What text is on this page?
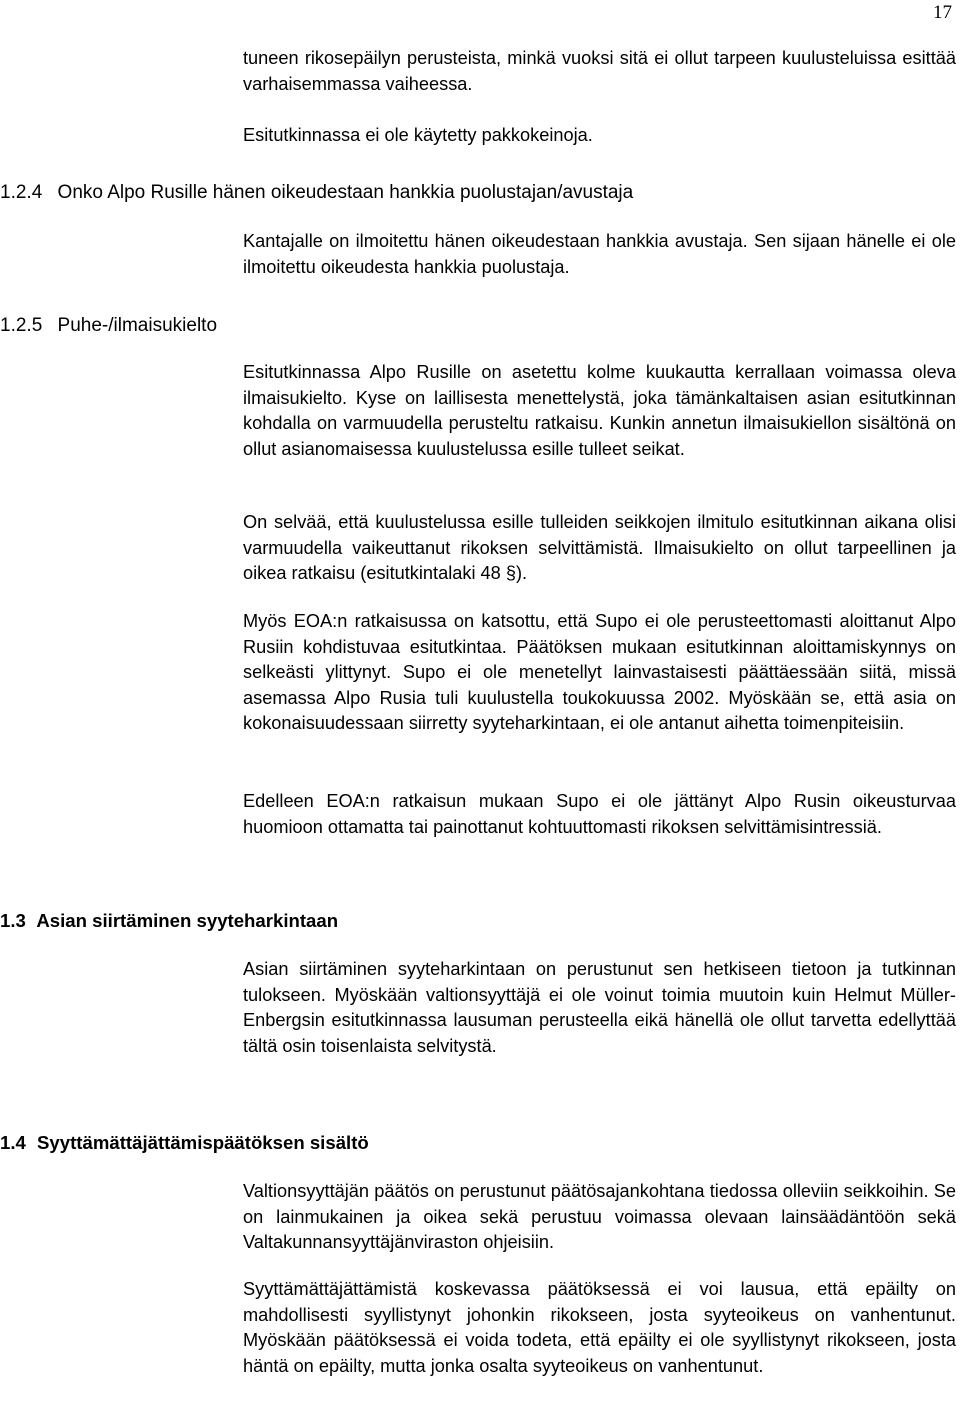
17

tuneen rikosepäilyn perusteista, minkä vuoksi sitä ei ollut tarpeen kuulusteluissa esittää varhaisemmassa vaiheessa.

Esitutkinnassa ei ole käytetty pakkokeinoja.

1.2.4 Onko Alpo Rusille hänen oikeudestaan hankkia puolustajan/avustaja

Kantajalle on ilmoitettu hänen oikeudestaan hankkia avustaja. Sen sijaan hänelle ei ole ilmoitettu oikeudesta hankkia puolustaja.

1.2.5 Puhe-/ilmaisukielto

Esitutkinnassa Alpo Rusille on asetettu kolme kuukautta kerrallaan voimassa oleva ilmaisukielto. Kyse on laillisesta menettelystä, joka tämänkaltaisen asian esitutkinnan kohdalla on varmuudella perusteltu ratkaisu. Kunkin annetun ilmaisukiellon sisältönä on ollut asianomaisessa kuulustelussa esille tulleet seikat.

On selvää, että kuulustelussa esille tulleiden seikkojen ilmitulo esitutkinnan aikana olisi varmuudella vaikeuttanut rikoksen selvittämistä. Ilmaisukielto on ollut tarpeellinen ja oikea ratkaisu (esitutkintalaki 48 §).

Myös EOA:n ratkaisussa on katsottu, että Supo ei ole perusteettomasti aloittanut Alpo Rusiin kohdistuvaa esitutkintaa. Päätöksen mukaan esitutkinnan aloittamiskynnys on selkeästi ylittynyt. Supo ei ole menetellyt lainvastaisesti päättäessään siitä, missä asemassa Alpo Rusia tuli kuulustella toukokuussa 2002. Myöskään se, että asia on kokonaisuudessaan siirretty syyteharkintaan, ei ole antanut aihetta toimenpiteisiin.

Edelleen EOA:n ratkaisun mukaan Supo ei ole jättänyt Alpo Rusin oikeusturvaa huomioon ottamatta tai painottanut kohtuuttomasti rikoksen selvittämisintressiä.

1.3 Asian siirtäminen syyteharkintaan

Asian siirtäminen syyteharkintaan on perustunut sen hetkiseen tietoon ja tutkinnan tulokseen. Myöskään valtionsyyttäjä ei ole voinut toimia muutoin kuin Helmut Müller-Enbergsin esitutkinnassa lausuman perusteella eikä hänellä ole ollut tarvetta edellyttää tältä osin toisenlaista selvitystä.

1.4 Syyttämättäjättämispäätöksen sisältö

Valtionsyyttäjän päätös on perustunut päätösajankohtana tiedossa olleviin seikkoihin. Se on lainmukainen ja oikea sekä perustuu voimassa olevaan lainsäädäntöön sekä Valtakunnansyyttäjänviraston ohjeisiin.

Syyttämättäjättämistä koskevassa päätöksessä ei voi lausua, että epäilty on mahdollisesti syyllistynyt johonkin rikokseen, josta syyteoikeus on vanhentunut. Myöskään päätöksessä ei voida todeta, että epäilty ei ole syyllistynyt rikokseen, josta häntä on epäilty, mutta jonka osalta syyteoikeus on vanhentunut.
